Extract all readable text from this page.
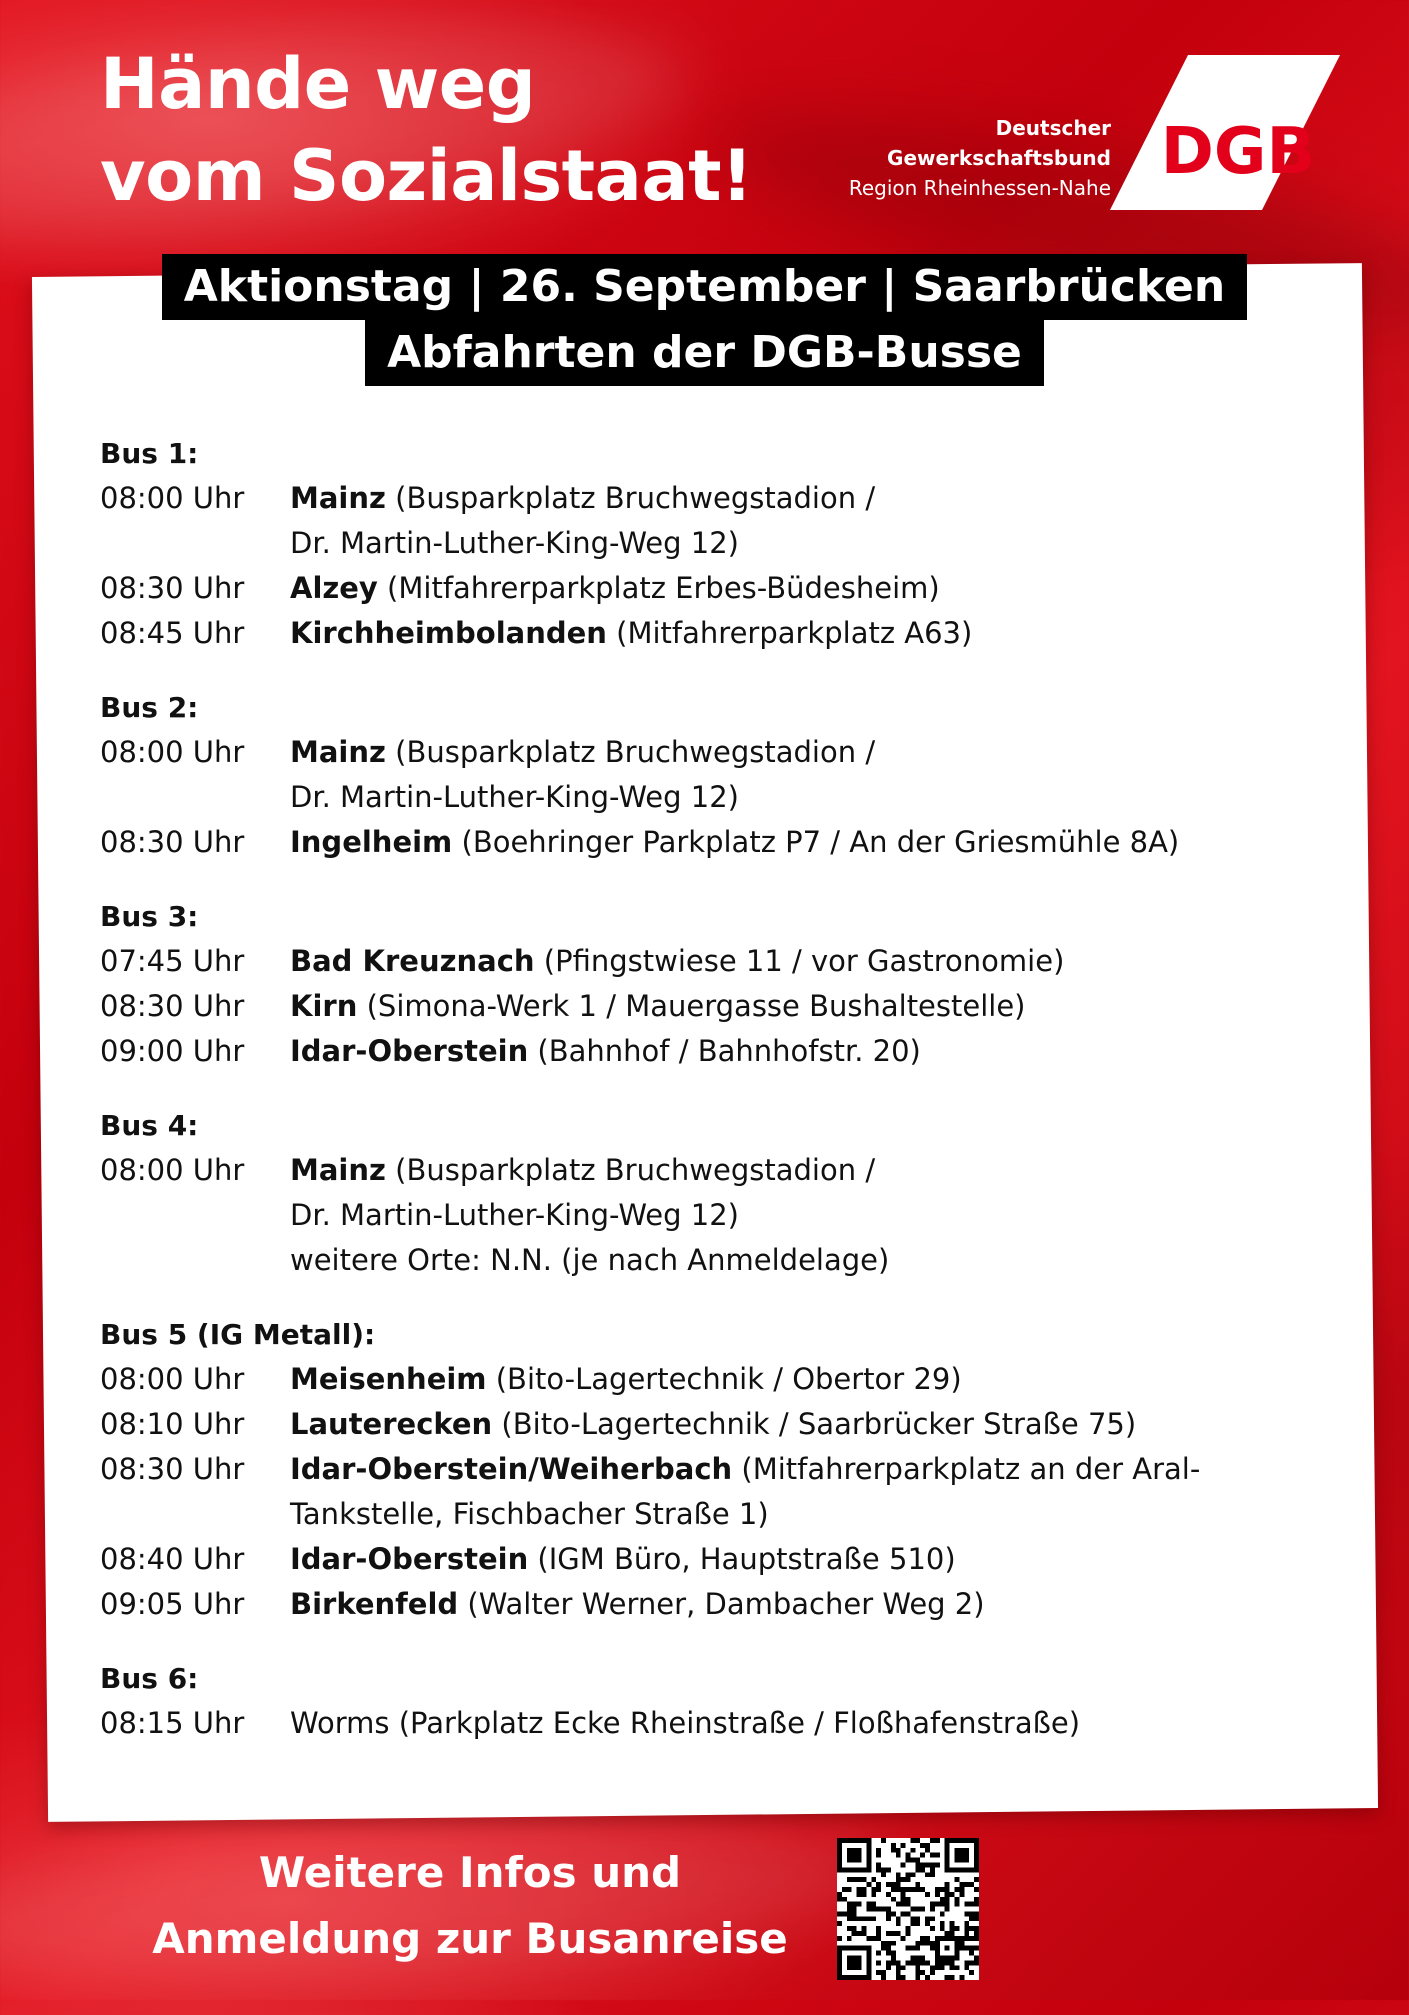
Hände weg
vom Sozialstaat!
Deutscher
Gewerkschaftsbund
Region Rheinhessen-Nahe DGB
Aktionstag | 26. September | Saarbrücken
Abfahrten der DGB-Busse
Bus 1:
08:00 Uhr	Mainz (Busparkplatz Bruchwegstadion /
Dr. Martin-Luther-King-Weg 12)
08:30 Uhr	Alzey (Mitfahrerparkplatz Erbes-Büdesheim)
08:45 Uhr	Kirchheimbolanden (Mitfahrerparkplatz A63)
Bus 2:
08:00 Uhr	Mainz (Busparkplatz Bruchwegstadion /
Dr. Martin-Luther-King-Weg 12)
08:30 Uhr	Ingelheim (Boehringer Parkplatz P7 / An der Griesmühle 8A)
Bus 3:
07:45 Uhr	Bad Kreuznach (Pfingstwiese 11 / vor Gastronomie)
08:30 Uhr	Kirn (Simona-Werk 1 / Mauergasse Bushaltestelle)
09:00 Uhr	Idar-Oberstein (Bahnhof / Bahnhofstr. 20)
Bus 4:
08:00 Uhr	Mainz (Busparkplatz Bruchwegstadion /
Dr. Martin-Luther-King-Weg 12)
weitere Orte: N.N. (je nach Anmeldelage)
Bus 5 (IG Metall):
08:00 Uhr	Meisenheim (Bito-Lagertechnik / Obertor 29)
08:10 Uhr	Lauterecken (Bito-Lagertechnik / Saarbrücker Straße 75)
08:30 Uhr	Idar-Oberstein/Weiherbach (Mitfahrerparkplatz an der Aral-
Tankstelle, Fischbacher Straße 1)
08:40 Uhr	Idar-Oberstein (IGM Büro, Hauptstraße 510)
09:05 Uhr	Birkenfeld (Walter Werner, Dambacher Weg 2)
Bus 6:
08:15 Uhr	Worms (Parkplatz Ecke Rheinstraße / Floßhafenstraße)
Weitere Infos und
Anmeldung zur Busanreise
